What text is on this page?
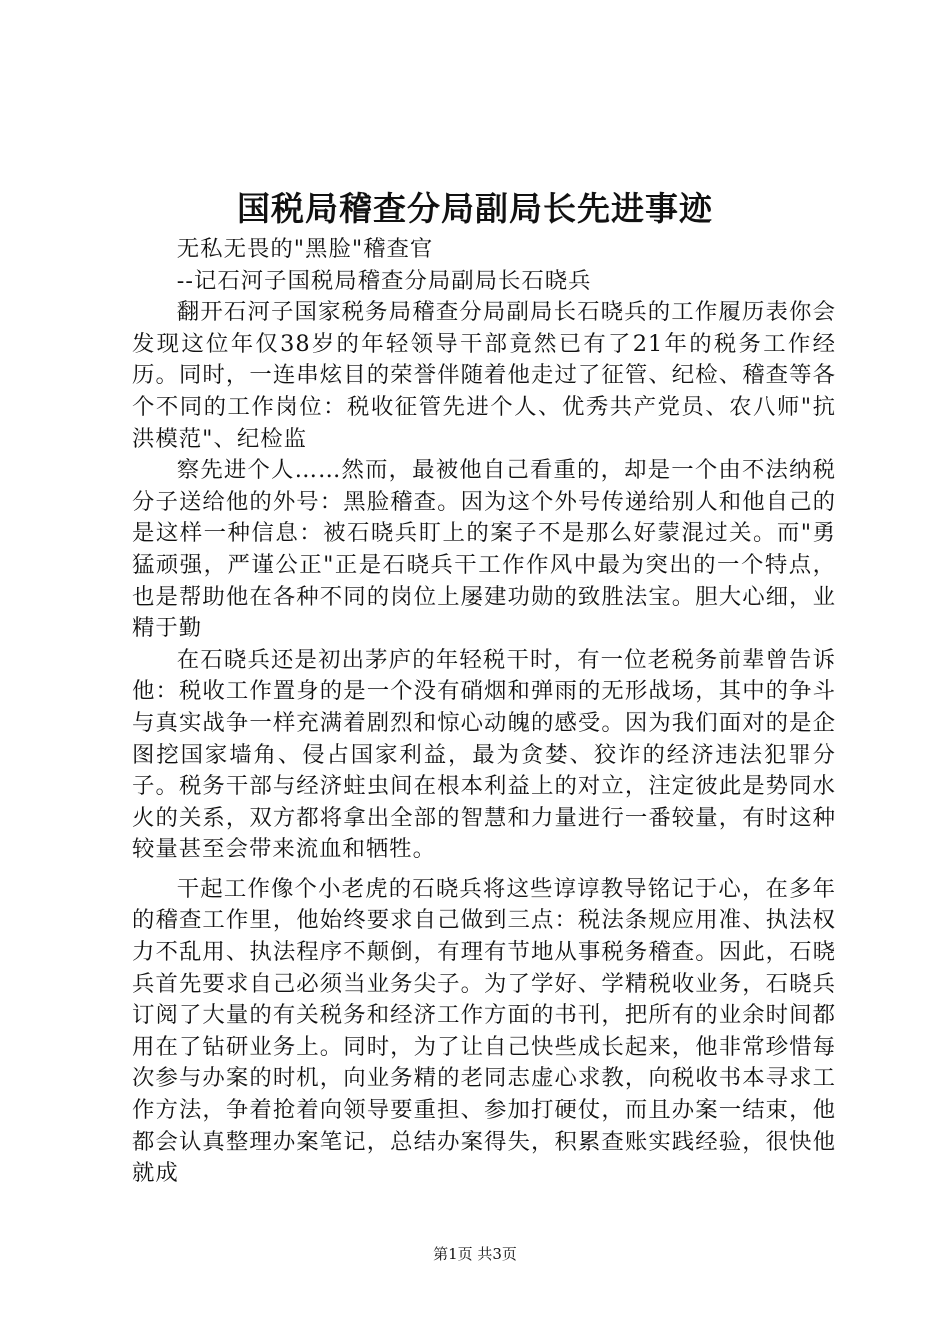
国税局稽查分局副局长先进事迹

无私无畏的"黑脸"稽查官

--记石河子国税局稽查分局副局长石晓兵

翻开石河子国家税务局稽查分局副局长石晓兵的工作履历表你会发现这位年仅38岁的年轻领导干部竟然已有了21年的税务工作经历。同时，一连串炫目的荣誉伴随着他走过了征管、纪检、稽查等各个不同的工作岗位：税收征管先进个人、优秀共产党员、农八师"抗洪模范"、纪检监

察先进个人……然而，最被他自己看重的，却是一个由不法纳税分子送给他的外号：黑脸稽查。因为这个外号传递给别人和他自己的是这样一种信息：被石晓兵盯上的案子不是那么好蒙混过关。而"勇猛顽强，严谨公正"正是石晓兵干工作作风中最为突出的一个特点，也是帮助他在各种不同的岗位上屡建功勋的致胜法宝。胆大心细，业精于勤

在石晓兵还是初出茅庐的年轻税干时，有一位老税务前辈曾告诉他：税收工作置身的是一个没有硝烟和弹雨的无形战场，其中的争斗与真实战争一样充满着剧烈和惊心动魄的感受。因为我们面对的是企图挖国家墙角、侵占国家利益，最为贪婪、狡诈的经济违法犯罪分子。税务干部与经济蛀虫间在根本利益上的对立，注定彼此是势同水火的关系，双方都将拿出全部的智慧和力量进行一番较量，有时这种较量甚至会带来流血和牺牲。

干起工作像个小老虎的石晓兵将这些谆谆教导铭记于心，在多年的稽查工作里，他始终要求自己做到三点：税法条规应用准、执法权力不乱用、执法程序不颠倒，有理有节地从事税务稽查。因此，石晓兵首先要求自己必须当业务尖子。为了学好、学精税收业务，石晓兵订阅了大量的有关税务和经济工作方面的书刊，把所有的业余时间都用在了钻研业务上。同时，为了让自己快些成长起来，他非常珍惜每次参与办案的时机，向业务精的老同志虚心求教，向税收书本寻求工作方法，争着抢着向领导要重担、参加打硬仗，而且办案一结束，他都会认真整理办案笔记，总结办案得失，积累查账实践经验，很快他就成

第1页 共3页
